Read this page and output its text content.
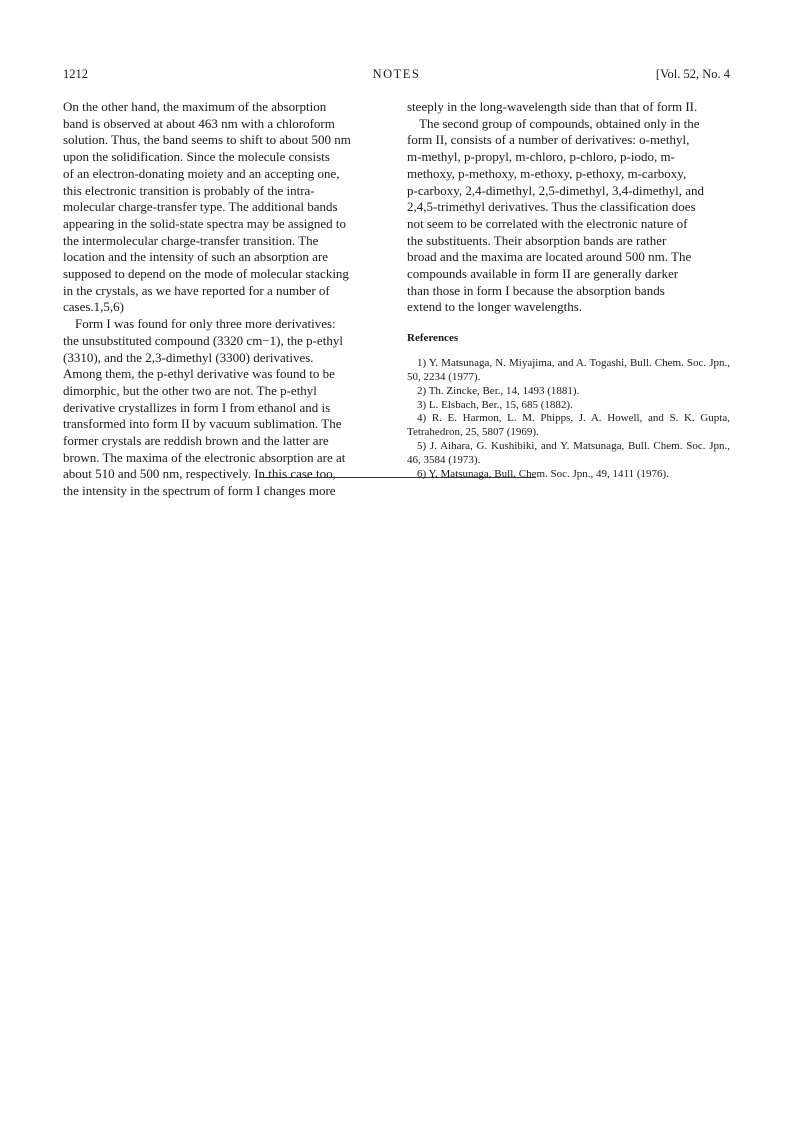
1212	NOTES	[Vol. 52, No. 4

On the other hand, the maximum of the absorption
band is observed at about 463 nm with a chloroform
solution. Thus, the band seems to shift to about 500 nm
upon the solidification. Since the molecule consists
of an electron-donating moiety and an accepting one,
this electronic transition is probably of the intra-
molecular charge-transfer type. The additional bands
appearing in the solid-state spectra may be assigned to
the intermolecular charge-transfer transition. The
location and the intensity of such an absorption are
supposed to depend on the mode of molecular stacking
in the crystals, as we have reported for a number of
cases.1,5,6)

Form I was found for only three more derivatives:
the unsubstituted compound (3320 cm−1), the p-ethyl
(3310), and the 2,3-dimethyl (3300) derivatives.
Among them, the p-ethyl derivative was found to be
dimorphic, but the other two are not. The p-ethyl
derivative crystallizes in form I from ethanol and is
transformed into form II by vacuum sublimation. The
former crystals are reddish brown and the latter are
brown. The maxima of the electronic absorption are at
about 510 and 500 nm, respectively. In this case too,
the intensity in the spectrum of form I changes more

steeply in the long-wavelength side than that of form II.

The second group of compounds, obtained only in the
form II, consists of a number of derivatives: o-methyl,
m-methyl, p-propyl, m-chloro, p-chloro, p-iodo, m-
methoxy, p-methoxy, m-ethoxy, p-ethoxy, m-carboxy,
p-carboxy, 2,4-dimethyl, 2,5-dimethyl, 3,4-dimethyl, and
2,4,5-trimethyl derivatives. Thus the classification does
not seem to be correlated with the electronic nature of
the substituents. Their absorption bands are rather
broad and the maxima are located around 500 nm. The
compounds available in form II are generally darker
than those in form I because the absorption bands
extend to the longer wavelengths.

References

1) Y. Matsunaga, N. Miyajima, and A. Togashi, Bull. Chem. Soc. Jpn., 50, 2234 (1977).

2) Th. Zincke, Ber., 14, 1493 (1881).

3) L. Elsbach, Ber., 15, 685 (1882).

4) R. E. Harmon, L. M. Phipps, J. A. Howell, and S. K. Gupta, Tetrahedron, 25, 5807 (1969).

5) J. Aihara, G. Kushibiki, and Y. Matsunaga, Bull. Chem. Soc. Jpn., 46, 3584 (1973).

6) Y. Matsunaga, Bull. Chem. Soc. Jpn., 49, 1411 (1976).
